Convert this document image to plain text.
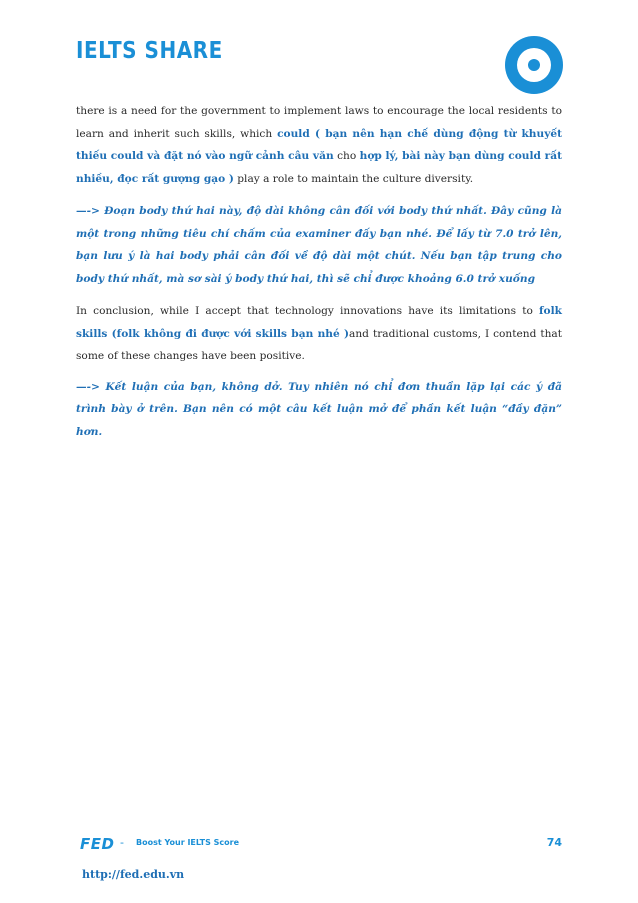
IELTS SHARE

there is a need for the government to implement laws to encourage the local residents to learn and inherit such skills, which could ( bạn nên hạn chế dùng động từ khuyết thiếu could và đặt nó vào ngữ cảnh câu văn cho hợp lý, bài này bạn dùng could rất nhiều, đọc rất gượng gạo ) play a role to maintain the culture diversity.

—-> Đoạn body thứ hai này, độ dài không cân đối với body thứ nhất. Đây cũng là một trong những tiêu chí chấm của examiner đấy bạn nhé. Để lấy từ 7.0 trở lên, bạn lưu ý là hai body phải cân đối về độ dài một chút. Nếu bạn tập trung cho body thứ nhất, mà sơ sài ý body thứ hai, thì sẽ chỉ được khoảng 6.0 trở xuống

In conclusion, while I accept that technology innovations have its limitations to folk skills (folk không đi được với skills bạn nhé )and traditional customs, I contend that some of these changes have been positive.

—-> Kết luận của bạn, không dở. Tuy nhiên nó chỉ đơn thuần lặp lại các ý đã trình bày ở trên. Bạn nên có một câu kết luận mở để phần kết luận “đầy đặn” hơn.

FED - Boost Your IELTS Score	74
http://fed.edu.vn
